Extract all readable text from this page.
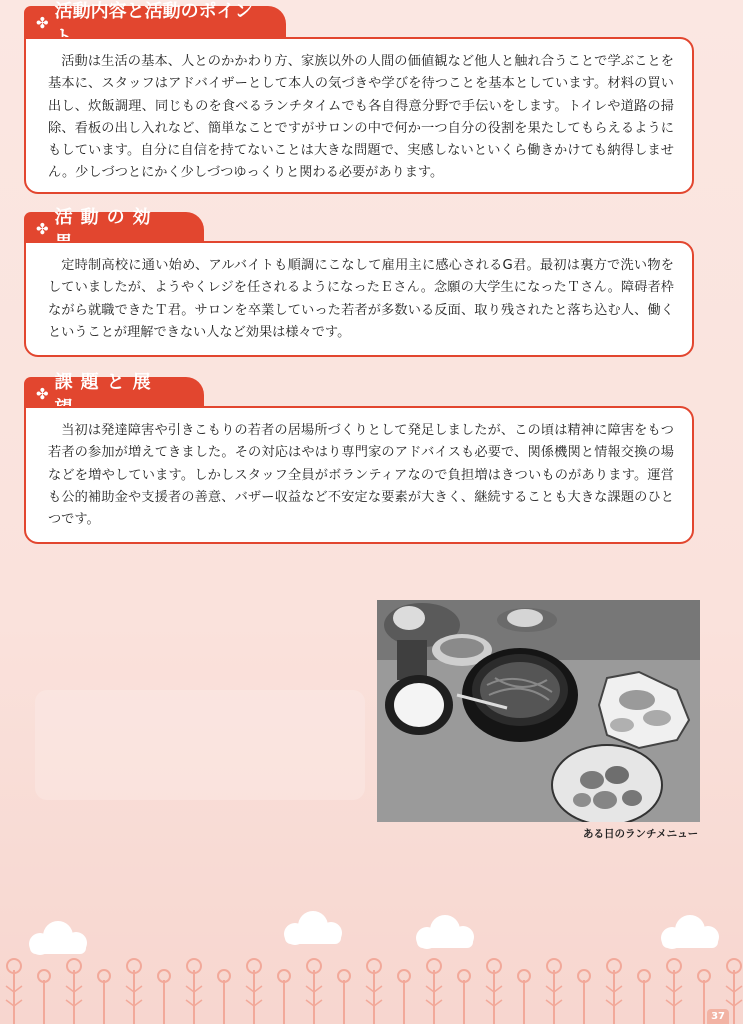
✤
活動内容と活動のポイン

活動は生活の基本、人とのかかわり方、家族以外の人間の価値観など他人と触れ合うことで学ぶことを基本に、スタッフはアドバイザーとして本人の気づきや学びを待つことを基本としています。材料の買い出し、炊飯調理、同じものを食べるランチタイムでも各自得意分野で手伝いをします。トイレや道路の掃除、看板の出し入れなど、簡単なことですがサロンの中で何か一つ自分の役割を果たしてもらえるようにもしています。自分に自信を持てないことは大きな問題で、実感しないといくら働きかけても納得しません。少しづつとにかく少しづつゆっくりと関わる必要があります。

✤
活動の効

定時制高校に通い始め、アルバイトも順調にこなして雇用主に感心されるG君。最初は裏方で洗い物をしていましたが、ようやくレジを任されるようになったＥさん。念願の大学生になったＴさん。障碍者枠ながら就職できたＴ君。サロンを卒業していった若者が多数いる反面、取り残されたと落ち込む人、働くということが理解できない人など効果は様々です。

✤
課題と展

当初は発達障害や引きこもりの若者の居場所づくりとして発足しましたが、この頃は精神に障害をもつ若者の参加が増えてきました。その対応はやはり専門家のアドバイスも必要で、関係機関と情報交換の場などを増やしています。しかしスタッフ全員がボランティアなので負担増はきついものがあります。運営も公的補助金や支援者の善意、バザー収益など不安定な要素が大きく、継続することも大きな課題のひとつです。

ある日のランチメニュー
37
